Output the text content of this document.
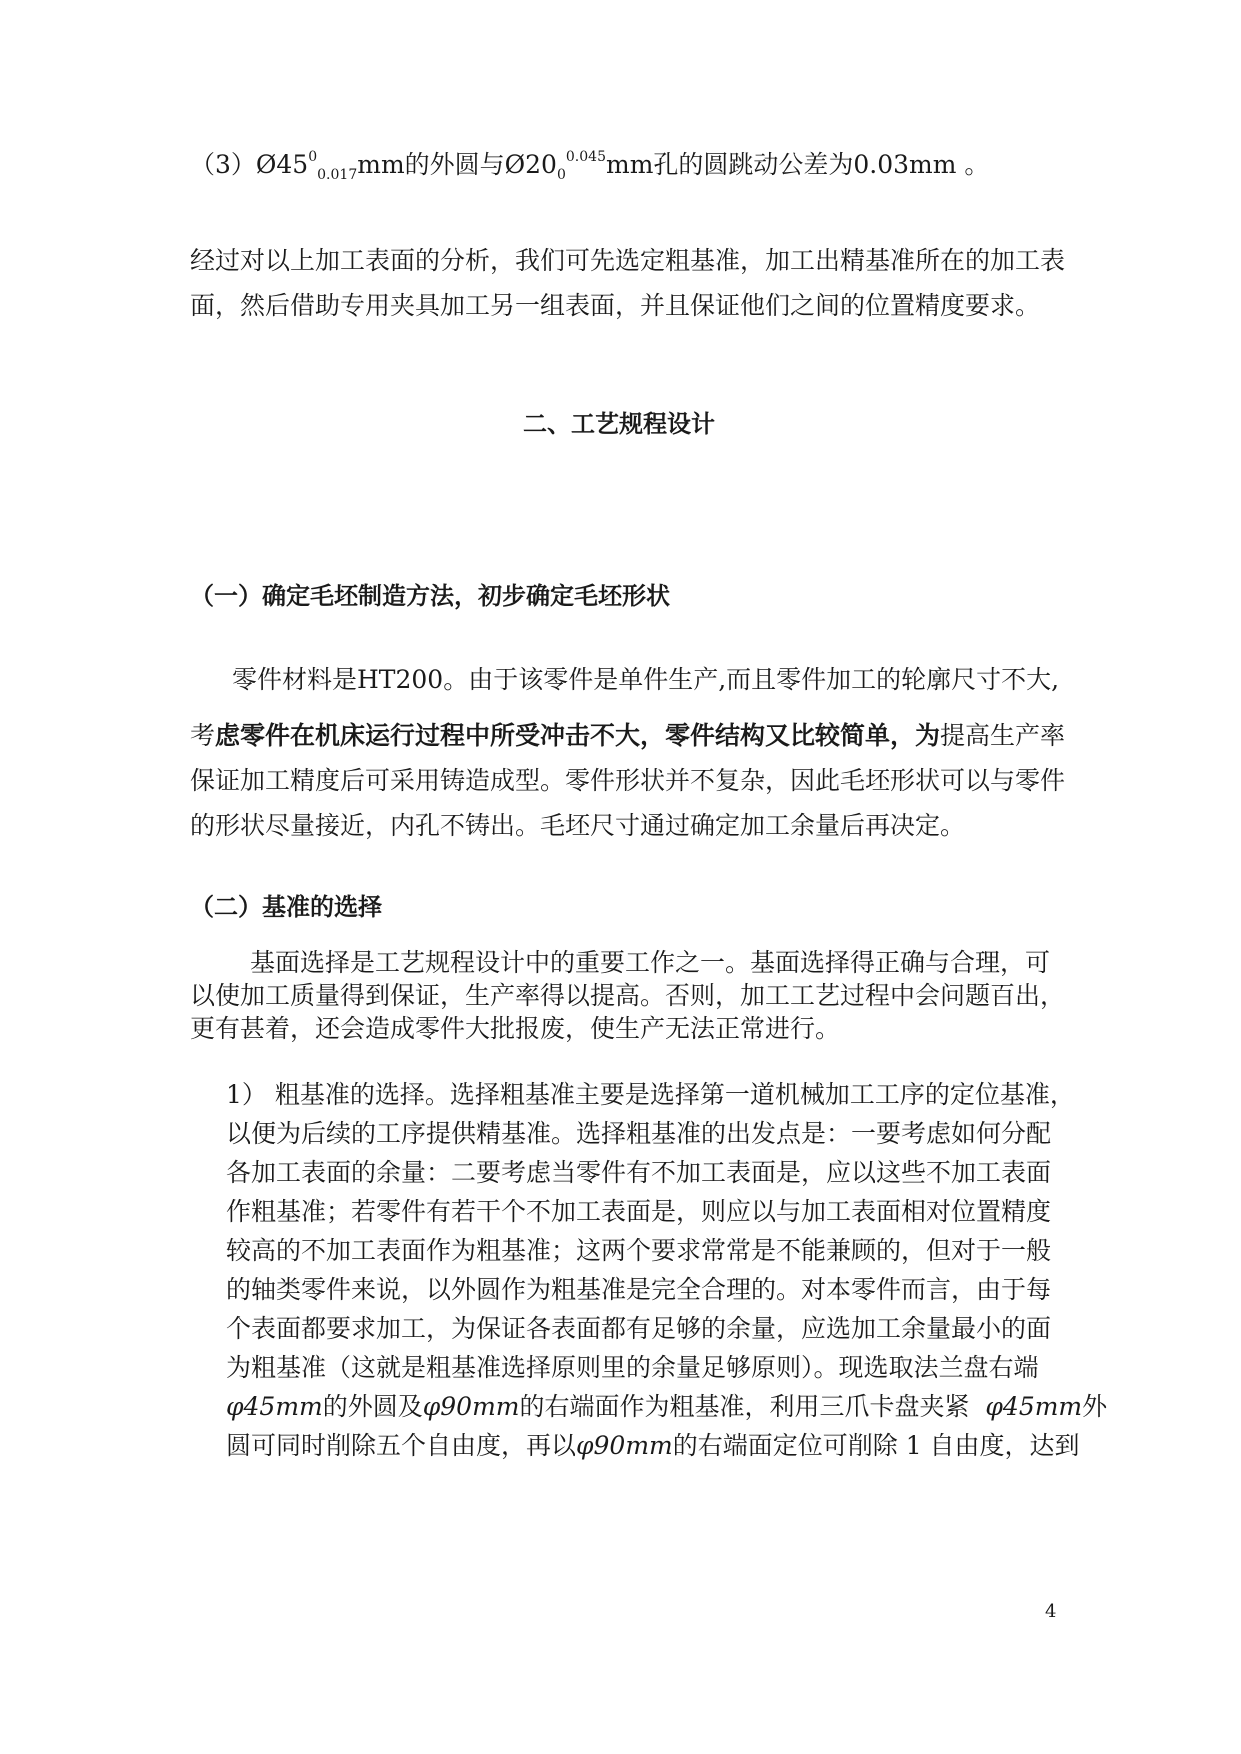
$(3)Ø45^0_{0.017}mm$的外圆与$Ø20_0^{0.045}mm$孔的圆跳动公差为0.03mm 。
经过对以上加工表面的分析，我们可先选定粗基准，加工出精基准所在的加工表
面，然后借助专用夹具加工另一组表面，并且保证他们之间的位置精度要求。
二、工艺规程设计
（一）确定毛坯制造方法，初步确定毛坯形状
零件材料是HT200。由于该零件是单件生产,而且零件加工的轮廓尺寸不大,
考虑零件在机床运行过程中所受冲击不大，零件结构又比较简单，为提高生产率
保证加工精度后可采用铸造成型。零件形状并不复杂，因此毛坯形状可以与零件
的形状尽量接近，内孔不铸出。毛坯尺寸通过确定加工余量后再决定。
（二）基准的选择
基面选择是工艺规程设计中的重要工作之一。基面选择得正确与合理，可
以使加工质量得到保证，生产率得以提高。否则，加工工艺过程中会问题百出，
更有甚着，还会造成零件大批报废，使生产无法正常进行。
1） 粗基准的选择。选择粗基准主要是选择第一道机械加工工序的定位基准，
以便为后续的工序提供精基准。选择粗基准的出发点是：一要考虑如何分配
各加工表面的余量：二要考虑当零件有不加工表面是，应以这些不加工表面
作粗基准；若零件有若干个不加工表面是，则应以与加工表面相对位置精度
较高的不加工表面作为粗基准；这两个要求常常是不能兼顾的，但对于一般
的轴类零件来说，以外圆作为粗基准是完全合理的。对本零件而言，由于每
个表面都要求加工，为保证各表面都有足够的余量，应选加工余量最小的面
为粗基准（这就是粗基准选择原则里的余量足够原则）。现选取法兰盘右端
φ45mm的外圆及φ90mm的右端面作为粗基准，利用三爪卡盘夹紧 φ45mm外
圆可同时削除五个自由度，再以φ90mm的右端面定位可削除 1 自由度，达到
4
